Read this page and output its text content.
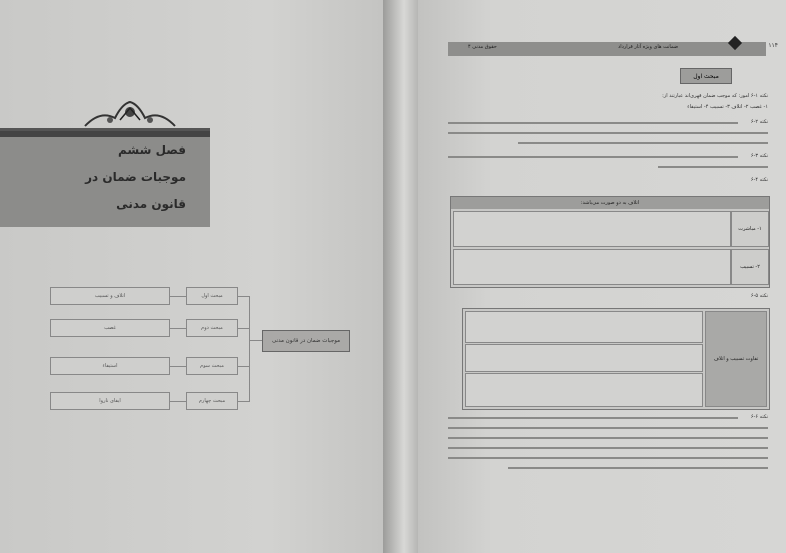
فصل ششم
موجبات ضمان در
قانون مدنی
اتلاف و تسبیب
غصب
استیفاء
ایفای ناروا
مبحث اول
مبحث دوم
مبحث سوم
مبحث چهارم
موجبات ضمان در قانون مدنی
ضمانت های ویژه آثار قرارداد
حقوق مدنی ۴	۱۱۴
مبحث اول
نکته ۱-۶ امور: که موجب ضمان قهری‌اند عبارتند از:
۱- غصب ۲- اتلاف ۳- تسبیب ۴- استیفاء
نکته ۲-۶
نکته ۳-۶
نکته ۴-۶
اتلاف به دو صورت می‌باشد:
۱- مباشرت
۲- تسبیب
نکته ۵-۶
تفاوت تسبیب و اتلاف
نکته ۶-۶
